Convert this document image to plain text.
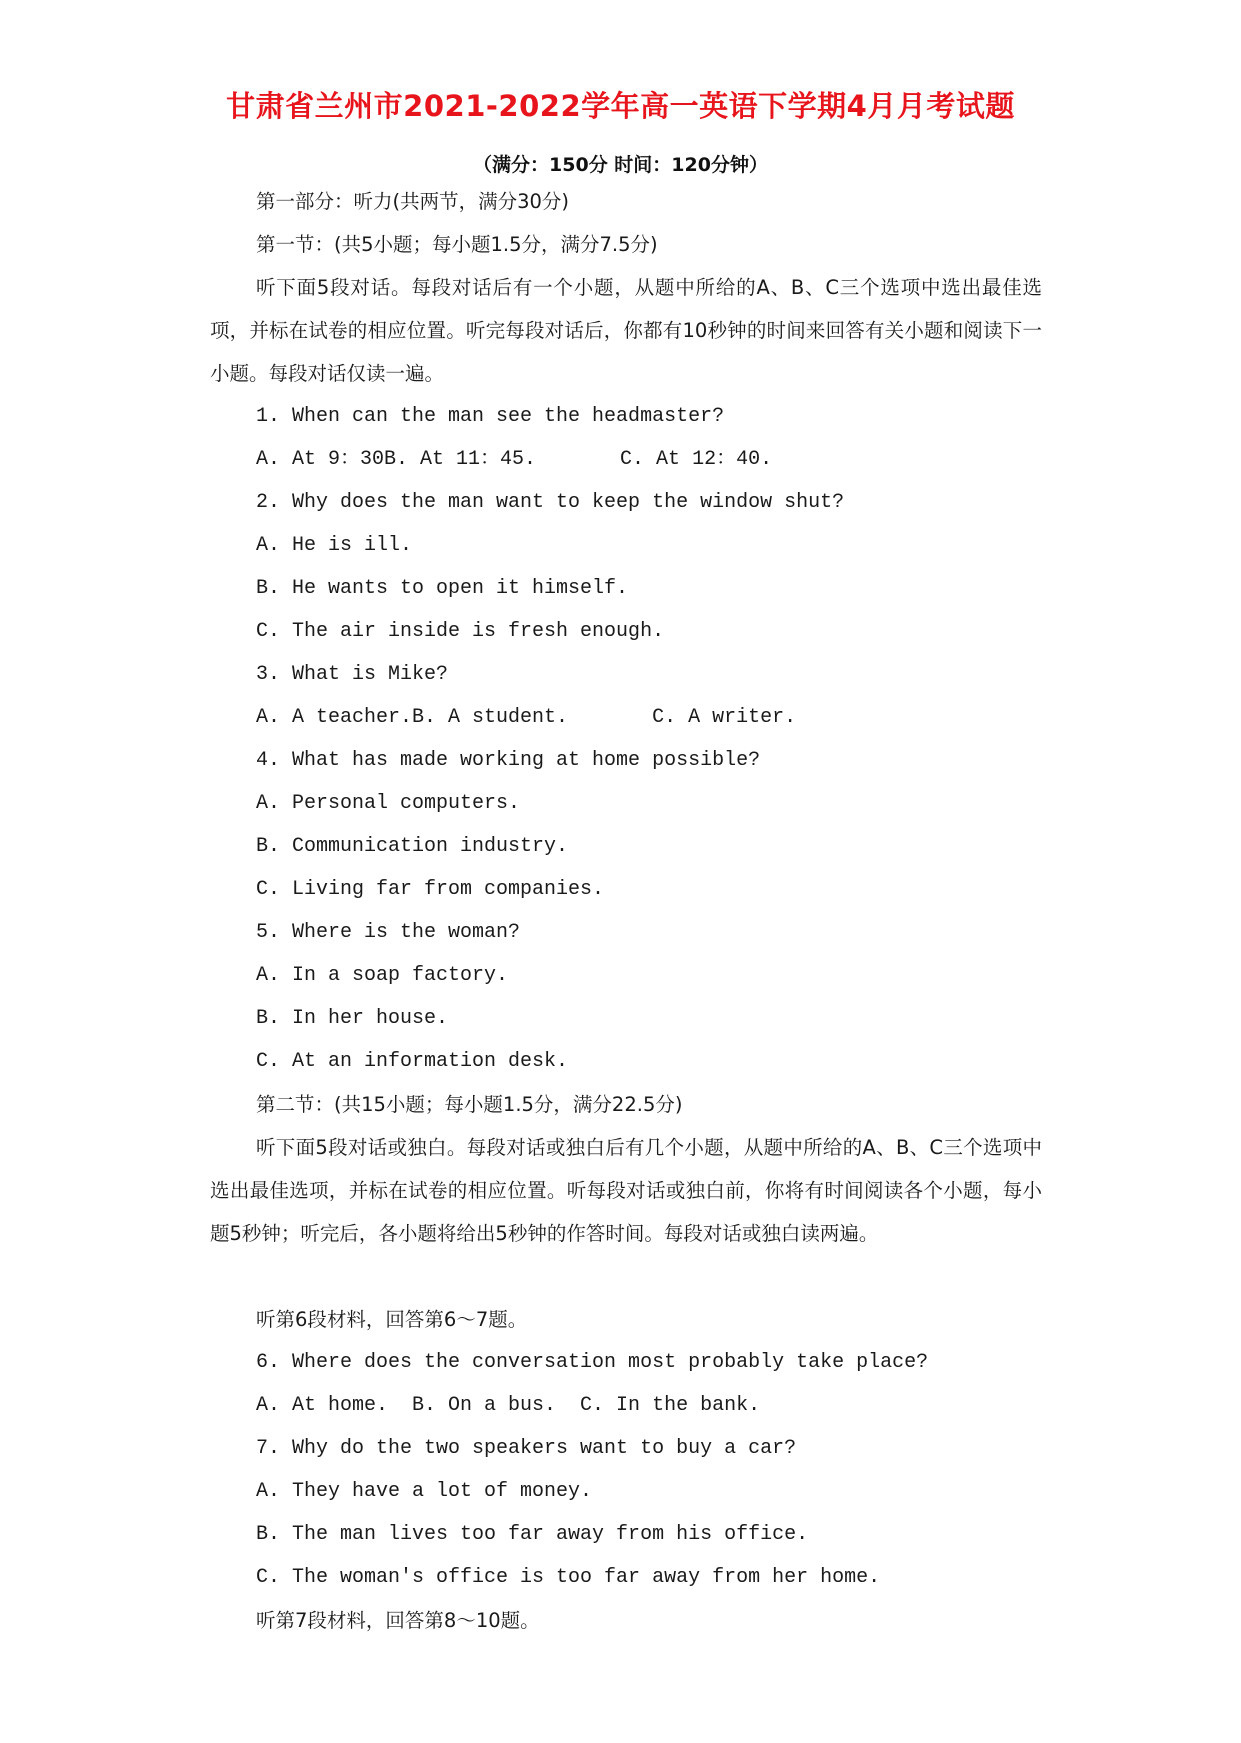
甘肃省兰州市2021-2022学年高一英语下学期4月月考试题
（满分：150分 时间：120分钟）
第一部分：听力(共两节，满分30分)
第一节：(共5小题；每小题1.5分，满分7.5分)
听下面5段对话。每段对话后有一个小题，从题中所给的A、B、C三个选项中选出最佳选项，并标在试卷的相应位置。听完每段对话后，你都有10秒钟的时间来回答有关小题和阅读下一小题。每段对话仅读一遍。
1. When can the man see the headmaster?
A. At 9：30B. At 11：45.       C. At 12：40.
2. Why does the man want to keep the window shut?
A. He is ill.
B. He wants to open it himself.
C. The air inside is fresh enough.
3. What is Mike?
A. A teacher.B. A student.       C. A writer.
4. What has made working at home possible?
A. Personal computers.
B. Communication industry.
C. Living far from companies.
5. Where is the woman?
A. In a soap factory.
B. In her house.
C. At an information desk.
第二节：(共15小题；每小题1.5分，满分22.5分)
听下面5段对话或独白。每段对话或独白后有几个小题，从题中所给的A、B、C三个选项中选出最佳选项，并标在试卷的相应位置。听每段对话或独白前，你将有时间阅读各个小题，每小题5秒钟；听完后，各小题将给出5秒钟的作答时间。每段对话或独白读两遍。
听第6段材料，回答第6～7题。
6. Where does the conversation most probably take place?
A. At home.  B. On a bus.  C. In the bank.
7. Why do the two speakers want to buy a car?
A. They have a lot of money.
B. The man lives too far away from his office.
C. The woman's office is too far away from her home.
听第7段材料，回答第8～10题。
